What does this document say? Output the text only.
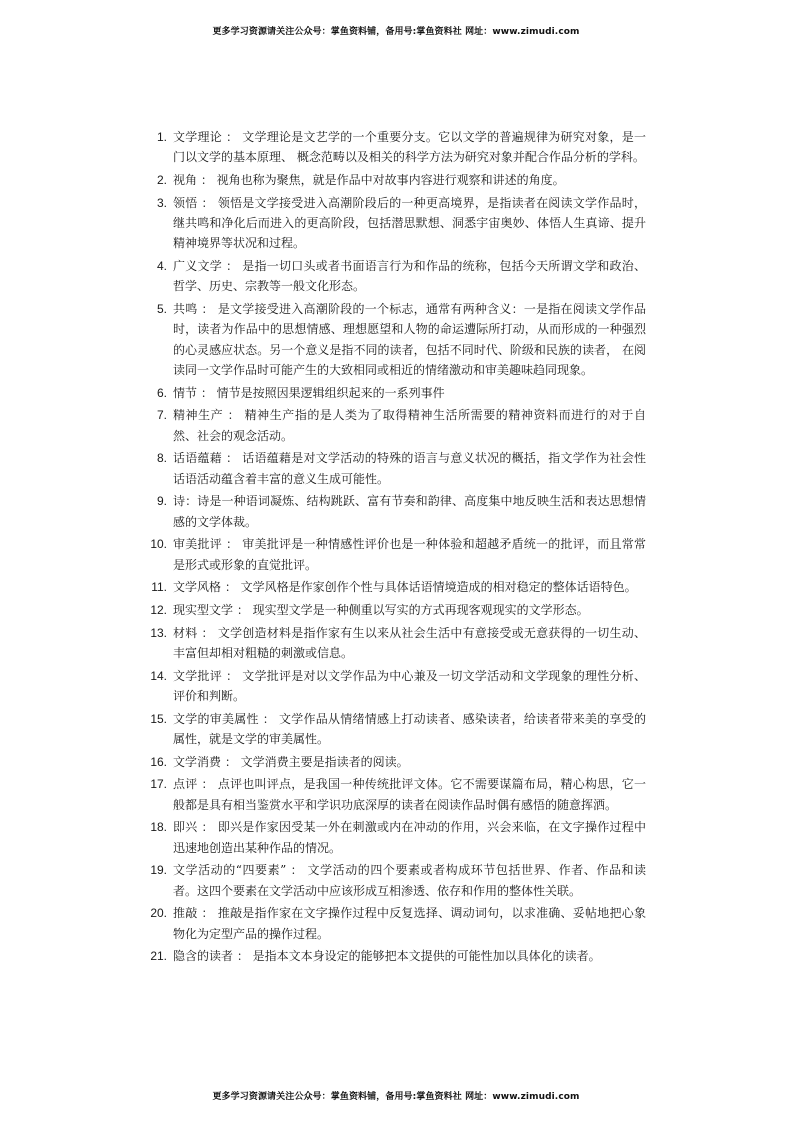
更多学习资源请关注公众号：掌鱼资料铺，备用号:掌鱼资料社 网址：www.zimudi.com
1. 文学理论 ： 文学理论是文艺学的一个重要分支。它以文学的普遍规律为研究对象，是一门以文学的基本原理、 概念范畴以及相关的科学方法为研究对象并配合作品分析的学科。
2. 视角 ： 视角也称为聚焦，就是作品中对故事内容进行观察和讲述的角度。
3. 领悟 ： 领悟是文学接受进入高潮阶段后的一种更高境界，是指读者在阅读文学作品时，继共鸣和净化后而进入的更高阶段，包括潜思默想、洞悉宇宙奥妙、体悟人生真谛、提升精神境界等状况和过程。
4. 广义文学 ： 是指一切口头或者书面语言行为和作品的统称，包括今天所谓文学和政治、哲学、历史、宗教等一般文化形态。
5. 共鸣 ： 是文学接受进入高潮阶段的一个标志，通常有两种含义：一是指在阅读文学作品时，读者为作品中的思想情感、理想愿望和人物的命运遭际所打动，从而形成的一种强烈的心灵感应状态。另一个意义是指不同的读者，包括不同时代、阶级和民族的读者， 在阅读同一文学作品时可能产生的大致相同或相近的情绪激动和审美趣味趋同现象。
6. 情节 ： 情节是按照因果逻辑组织起来的一系列事件
7. 精神生产 ： 精神生产指的是人类为了取得精神生活所需要的精神资料而进行的对于自然、社会的观念活动。
8. 话语蕴藉 ： 话语蕴藉是对文学活动的特殊的语言与意义状况的概括，指文学作为社会性话语活动蕴含着丰富的意义生成可能性。
9. 诗：诗是一种语词凝炼、结构跳跃、富有节奏和韵律、高度集中地反映生活和表达思想情感的文学体裁。
10. 审美批评 ： 审美批评是一种情感性评价也是一种体验和超越矛盾统一的批评，而且常常是形式或形象的直觉批评。
11. 文学风格 ： 文学风格是作家创作个性与具体话语情境造成的相对稳定的整体话语特色。
12. 现实型文学 ： 现实型文学是一种侧重以写实的方式再现客观现实的文学形态。
13. 材料 ： 文学创造材料是指作家有生以来从社会生活中有意接受或无意获得的一切生动、丰富但却相对粗糙的刺激或信息。
14. 文学批评 ： 文学批评是对以文学作品为中心兼及一切文学活动和文学现象的理性分析、评价和判断。
15. 文学的审美属性 ： 文学作品从情绪情感上打动读者、感染读者，给读者带来美的享受的属性，就是文学的审美属性。
16. 文学消费 ： 文学消费主要是指读者的阅读。
17. 点评 ： 点评也叫评点，是我国一种传统批评文体。它不需要谋篇布局，精心构思，它一般都是具有相当鉴赏水平和学识功底深厚的读者在阅读作品时偶有感悟的随意挥洒。
18. 即兴 ： 即兴是作家因受某一外在刺激或内在冲动的作用，兴会来临，在文字操作过程中迅速地创造出某种作品的情况。
19. 文学活动的“四要素” ： 文学活动的四个要素或者构成环节包括世界、作者、作品和读者。这四个要素在文学活动中应该形成互相渗透、依存和作用的整体性关联。
20. 推敲 ： 推敲是指作家在文字操作过程中反复选择、调动词句，以求准确、妥帖地把心象物化为定型产品的操作过程。
21. 隐含的读者 ： 是指本文本身设定的能够把本文提供的可能性加以具体化的读者。
更多学习资源请关注公众号：掌鱼资料铺，备用号:掌鱼资料社 网址：www.zimudi.com
